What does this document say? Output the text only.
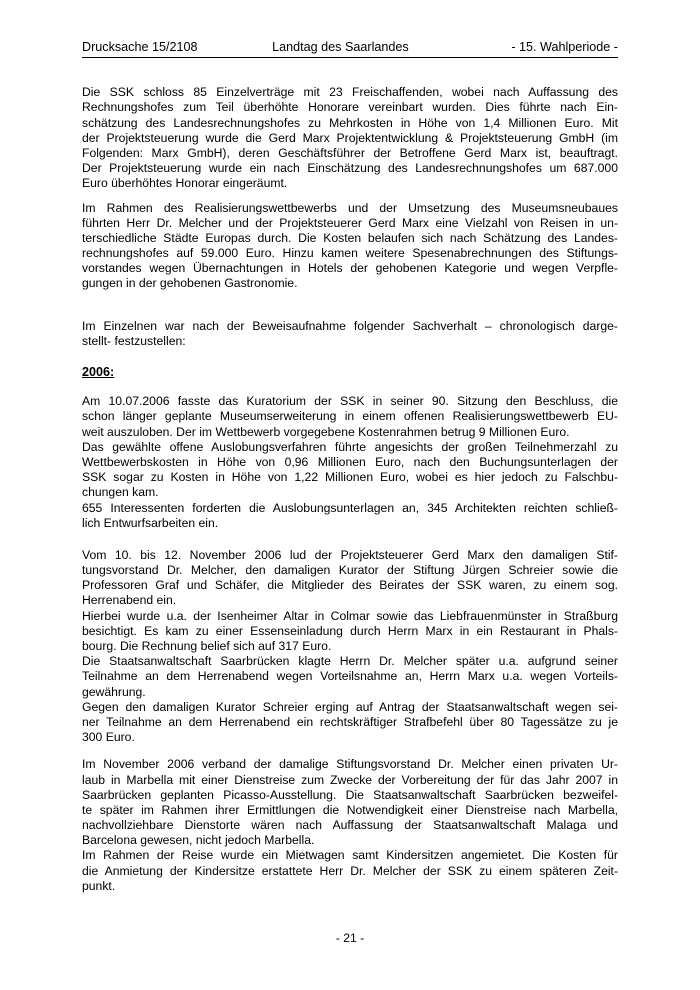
Drucksache 15/2108	Landtag des Saarlandes	- 15. Wahlperiode -
Die SSK schloss 85 Einzelverträge mit 23 Freischaffenden, wobei nach Auffassung des
Rechnungshofes zum Teil überhöhte Honorare vereinbart wurden. Dies führte nach Ein-
schätzung des Landesrechnungshofes zu Mehrkosten in Höhe von 1,4 Millionen Euro. Mit
der Projektsteuerung wurde die Gerd Marx Projektentwicklung & Projektsteuerung GmbH (im
Folgenden: Marx GmbH), deren Geschäftsführer der Betroffene Gerd Marx ist, beauftragt.
Der Projektsteuerung wurde ein nach Einschätzung des Landesrechnungshofes um 687.000
Euro überhöhtes Honorar eingeräumt.
Im Rahmen des Realisierungswettbewerbs und der Umsetzung des Museumsneubaues
führten Herr Dr. Melcher und der Projektsteuerer Gerd Marx eine Vielzahl von Reisen in un-
terschiedliche Städte Europas durch. Die Kosten belaufen sich nach Schätzung des Landes-
rechnungshofes auf 59.000 Euro. Hinzu kamen weitere Spesenabrechnungen des Stiftungs-
vorstandes wegen Übernachtungen in Hotels der gehobenen Kategorie und wegen Verpfle-
gungen in der gehobenen Gastronomie.
Im Einzelnen war nach der Beweisaufnahme folgender Sachverhalt – chronologisch darge-
stellt- festzustellen:
2006:
Am 10.07.2006 fasste das Kuratorium der SSK in seiner 90. Sitzung den Beschluss, die
schon länger geplante Museumserweiterung in einem offenen Realisierungswettbewerb EU-
weit auszuloben. Der im Wettbewerb vorgegebene Kostenrahmen betrug 9 Millionen Euro.
Das gewählte offene Auslobungsverfahren führte angesichts der großen Teilnehmerzahl zu
Wettbewerbskosten in Höhe von 0,96 Millionen Euro, nach den Buchungsunterlagen der
SSK sogar zu Kosten in Höhe von 1,22 Millionen Euro, wobei es hier jedoch zu Falschbu-
chungen kam.
655 Interessenten forderten die Auslobungsunterlagen an, 345 Architekten reichten schließ-
lich Entwurfsarbeiten ein.
Vom 10. bis 12. November 2006 lud der Projektsteuerer Gerd Marx den damaligen Stif-
tungsvorstand Dr. Melcher, den damaligen Kurator der Stiftung Jürgen Schreier sowie die
Professoren Graf und Schäfer, die Mitglieder des Beirates der SSK waren, zu einem sog.
Herrenabend ein.
Hierbei wurde u.a. der Isenheimer Altar in Colmar sowie das Liebfrauenmünster in Straßburg
besichtigt. Es kam zu einer Essenseinladung durch Herrn Marx in ein Restaurant in Phals-
bourg. Die Rechnung belief sich auf 317 Euro.
Die Staatsanwaltschaft Saarbrücken klagte Herrn Dr. Melcher später u.a. aufgrund seiner
Teilnahme an dem Herrenabend wegen Vorteilsnahme an, Herrn Marx u.a. wegen Vorteils-
gewährung.
Gegen den damaligen Kurator Schreier erging auf Antrag der Staatsanwaltschaft wegen sei-
ner Teilnahme an dem Herrenabend ein rechtskräftiger Strafbefehl über 80 Tagessätze zu je
300 Euro.
Im November 2006 verband der damalige Stiftungsvorstand Dr. Melcher einen privaten Ur-
laub in Marbella mit einer Dienstreise zum Zwecke der Vorbereitung der für das Jahr 2007 in
Saarbrücken geplanten Picasso-Ausstellung. Die Staatsanwaltschaft Saarbrücken bezweifel-
te später im Rahmen ihrer Ermittlungen die Notwendigkeit einer Dienstreise nach Marbella,
nachvollziehbare Dienstorte wären nach Auffassung der Staatsanwaltschaft Malaga und
Barcelona gewesen, nicht jedoch Marbella.
Im Rahmen der Reise wurde ein Mietwagen samt Kindersitzen angemietet. Die Kosten für
die Anmietung der Kindersitze erstattete Herr Dr. Melcher der SSK zu einem späteren Zeit-
punkt.
- 21 -
